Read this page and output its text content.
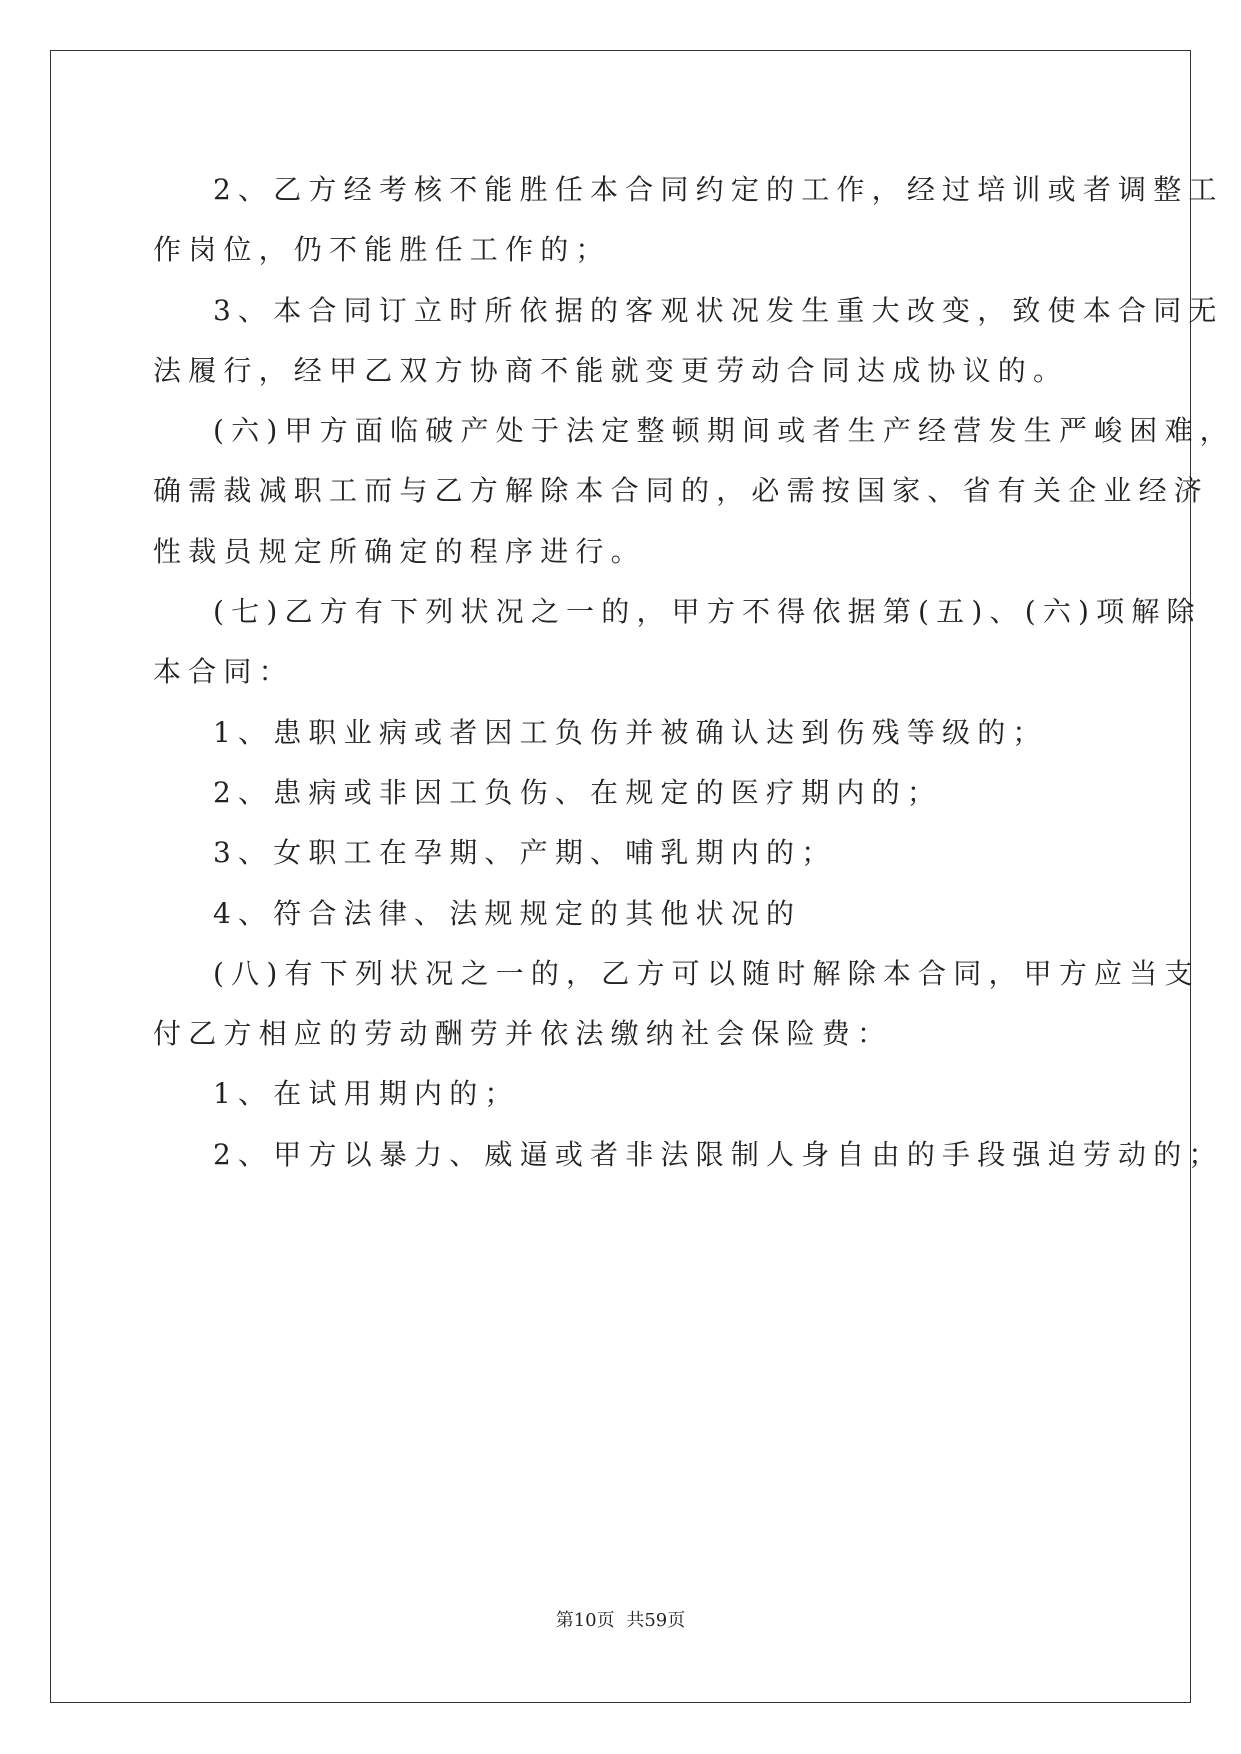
2、乙方经考核不能胜任本合同约定的工作，经过培训或者调整工

作岗位，仍不能胜任工作的；

3、本合同订立时所依据的客观状况发生重大改变，致使本合同无

法履行，经甲乙双方协商不能就变更劳动合同达成协议的。

(六)甲方面临破产处于法定整顿期间或者生产经营发生严峻困难，

确需裁减职工而与乙方解除本合同的，必需按国家、省有关企业经济

性裁员规定所确定的程序进行。

(七)乙方有下列状况之一的，甲方不得依据第(五)、(六)项解除

本合同：

1、患职业病或者因工负伤并被确认达到伤残等级的；

2、患病或非因工负伤、在规定的医疗期内的；

3、女职工在孕期、产期、哺乳期内的；

4、符合法律、法规规定的其他状况的

(八)有下列状况之一的，乙方可以随时解除本合同，甲方应当支

付乙方相应的劳动酬劳并依法缴纳社会保险费：

1、在试用期内的；

2、甲方以暴力、威逼或者非法限制人身自由的手段强迫劳动的；

第10页 共59页
